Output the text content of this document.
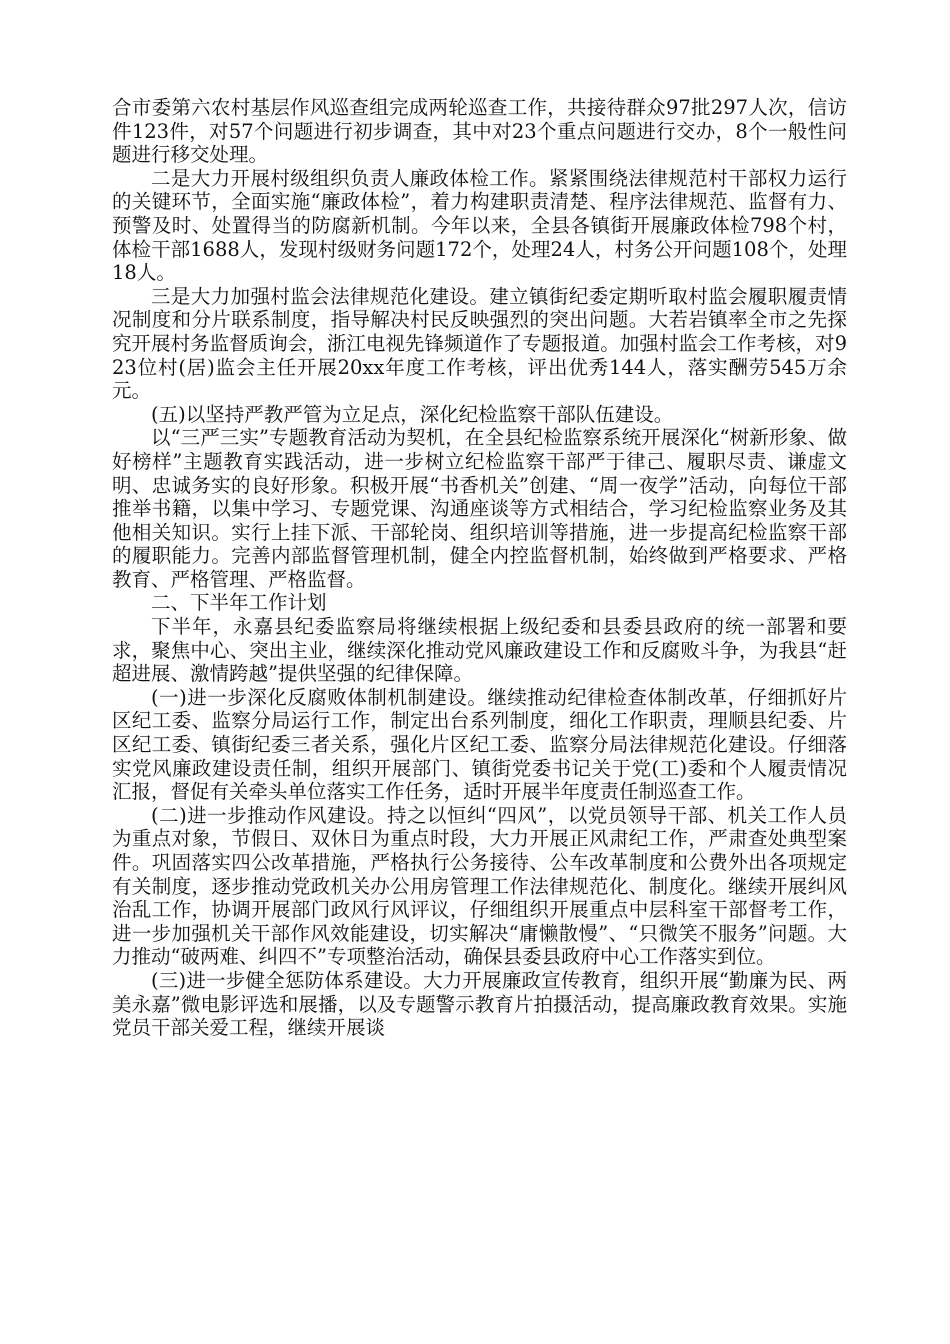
合市委第六农村基层作风巡查组完成两轮巡查工作，共接待群众97批297人次，信访件123件，对57个问题进行初步调查，其中对23个重点问题进行交办，8个一般性问题进行移交处理。

二是大力开展村级组织负责人廉政体检工作。紧紧围绕法律规范村干部权力运行的关键环节，全面实施“廉政体检”，着力构建职责清楚、程序法律规范、监督有力、预警及时、处置得当的防腐新机制。今年以来，全县各镇街开展廉政体检798个村，体检干部1688人，发现村级财务问题172个，处理24人，村务公开问题108个，处理18人。

三是大力加强村监会法律规范化建设。建立镇街纪委定期听取村监会履职履责情况制度和分片联系制度，指导解决村民反映强烈的突出问题。大若岩镇率全市之先探究开展村务监督质询会，浙江电视先锋频道作了专题报道。加强村监会工作考核，对923位村(居)监会主任开展20xx年度工作考核，评出优秀144人，落实酬劳545万余元。

(五)以坚持严教严管为立足点，深化纪检监察干部队伍建设。

以“三严三实”专题教育活动为契机，在全县纪检监察系统开展深化“树新形象、做好榜样”主题教育实践活动，进一步树立纪检监察干部严于律己、履职尽责、谦虚文明、忠诚务实的良好形象。积极开展“书香机关”创建、“周一夜学”活动，向每位干部推举书籍，以集中学习、专题党课、沟通座谈等方式相结合，学习纪检监察业务及其他相关知识。实行上挂下派、干部轮岗、组织培训等措施，进一步提高纪检监察干部的履职能力。完善内部监督管理机制，健全内控监督机制，始终做到严格要求、严格教育、严格管理、严格监督。

二、下半年工作计划

下半年，永嘉县纪委监察局将继续根据上级纪委和县委县政府的统一部署和要求，聚焦中心、突出主业，继续深化推动党风廉政建设工作和反腐败斗争，为我县“赶超进展、激情跨越”提供坚强的纪律保障。

(一)进一步深化反腐败体制机制建设。继续推动纪律检查体制改革，仔细抓好片区纪工委、监察分局运行工作，制定出台系列制度，细化工作职责，理顺县纪委、片区纪工委、镇街纪委三者关系，强化片区纪工委、监察分局法律规范化建设。仔细落实党风廉政建设责任制，组织开展部门、镇街党委书记关于党(工)委和个人履责情况汇报，督促有关牵头单位落实工作任务，适时开展半年度责任制巡查工作。

(二)进一步推动作风建设。持之以恒纠“四风”，以党员领导干部、机关工作人员为重点对象，节假日、双休日为重点时段，大力开展正风肃纪工作，严肃查处典型案件。巩固落实四公改革措施，严格执行公务接待、公车改革制度和公费外出各项规定有关制度，逐步推动党政机关办公用房管理工作法律规范化、制度化。继续开展纠风治乱工作，协调开展部门政风行风评议，仔细组织开展重点中层科室干部督考工作，进一步加强机关干部作风效能建设，切实解决“庸懒散慢”、“只微笑不服务”问题。大力推动“破两难、纠四不”专项整治活动，确保县委县政府中心工作落实到位。

(三)进一步健全惩防体系建设。大力开展廉政宣传教育，组织开展“勤廉为民、两美永嘉”微电影评选和展播，以及专题警示教育片拍摄活动，提高廉政教育效果。实施党员干部关爱工程，继续开展谈
